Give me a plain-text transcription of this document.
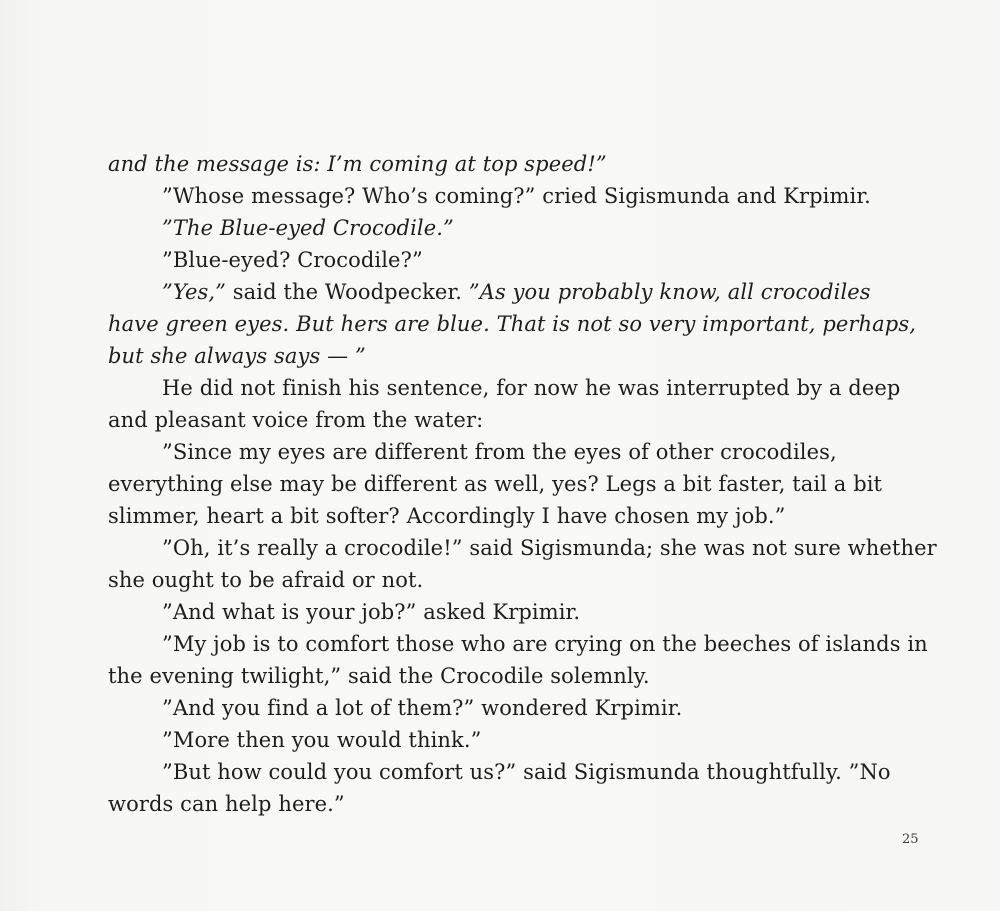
and the message is: I’m coming at top speed!”
”Whose message? Who’s coming?” cried Sigismunda and Krpimir.
”The Blue-eyed Crocodile.”
”Blue-eyed? Crocodile?”
”Yes,” said the Woodpecker. ”As you probably know, all crocodiles
have green eyes. But hers are blue. That is not so very important, perhaps,
but she always says — ”
He did not finish his sentence, for now he was interrupted by a deep
and pleasant voice from the water:
”Since my eyes are different from the eyes of other crocodiles,
everything else may be different as well, yes? Legs a bit faster, tail a bit
slimmer, heart a bit softer? Accordingly I have chosen my job.”
”Oh, it’s really a crocodile!” said Sigismunda; she was not sure whether
she ought to be afraid or not.
”And what is your job?” asked Krpimir.
”My job is to comfort those who are crying on the beeches of islands in
the evening twilight,” said the Crocodile solemnly.
”And you find a lot of them?” wondered Krpimir.
”More then you would think.”
”But how could you comfort us?” said Sigismunda thoughtfully. ”No
words can help here.”
25
